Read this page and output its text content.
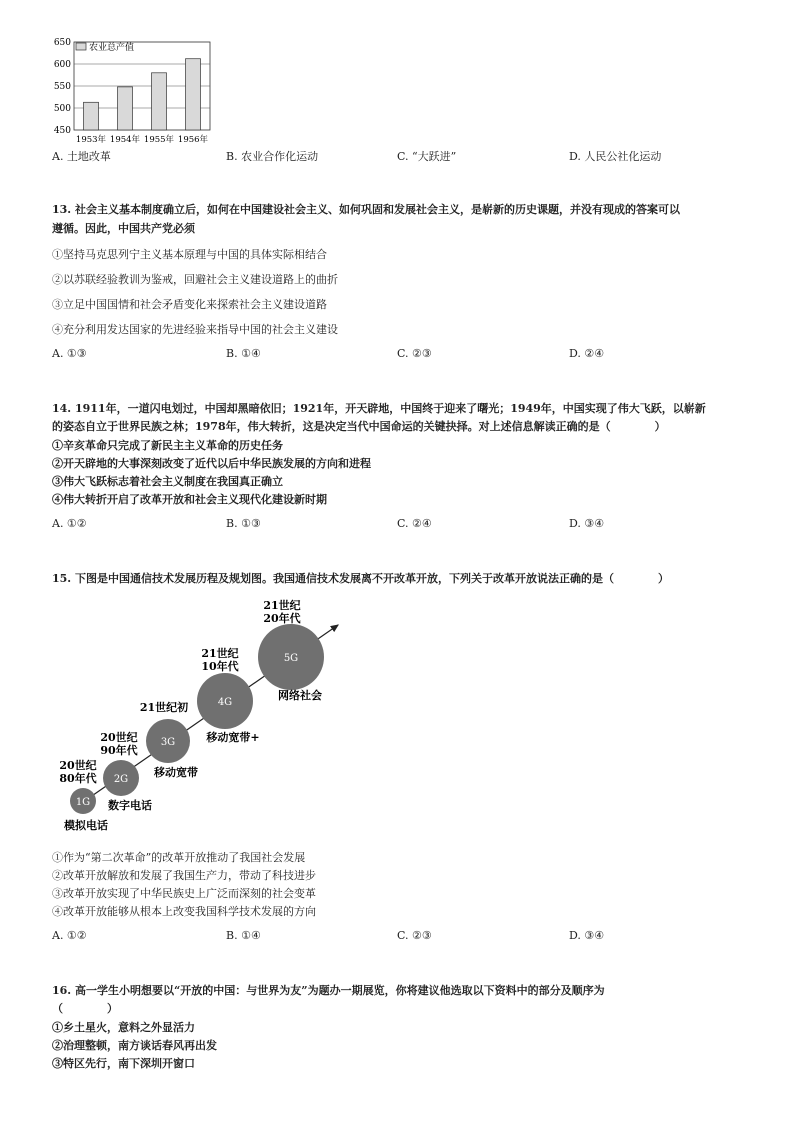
450
500
550
600
650
1953年 1954年 1955年 1956年
农业总产值
A. 土地改革	B. 农业合作化运动	C. “大跃进”	D. 人民公社化运动
13. 社会主义基本制度确立后，如何在中国建设社会主义、如何巩固和发展社会主义，是崭新的历史课题，并没有现成的答案可以
遵循。因此，中国共产党必须
①坚持马克思列宁主义基本原理与中国的具体实际相结合
②以苏联经验教训为鉴戒，回避社会主义建设道路上的曲折
③立足中国国情和社会矛盾变化来探索社会主义建设道路
④充分利用发达国家的先进经验来指导中国的社会主义建设
A. ①③	B. ①④	C. ②③	D. ②④
14. 1911年，一道闪电划过，中国却黑暗依旧；1921年，开天辟地，中国终于迎来了曙光；1949年，中国实现了伟大飞跃，以崭新
的姿态自立于世界民族之林；1978年，伟大转折，这是决定当代中国命运的关键抉择。对上述信息解读正确的是（　　　　）
①辛亥革命只完成了新民主主义革命的历史任务
②开天辟地的大事深刻改变了近代以后中华民族发展的方向和进程
③伟大飞跃标志着社会主义制度在我国真正确立
④伟大转折开启了改革开放和社会主义现代化建设新时期
A. ①②	B. ①③	C. ②④	D. ③④
15. 下图是中国通信技术发展历程及规划图。我国通信技术发展离不开改革开放，下列关于改革开放说法正确的是（　　　　）
1G
模拟电话
2G
20世纪
80年代
数字电话
3G
20世纪
90年代
移动宽带
4G
21世纪初
移动宽带+
5G
21世纪
10年代
网络社会
21世纪
20年代
①作为“第二次革命”的改革开放推动了我国社会发展
②改革开放解放和发展了我国生产力，带动了科技进步
③改革开放实现了中华民族史上广泛而深刻的社会变革
④改革开放能够从根本上改变我国科学技术发展的方向
A. ①②	B. ①④	C. ②③	D. ③④
16. 高一学生小明想要以“开放的中国：与世界为友”为题办一期展览，你将建议他选取以下资料中的部分及顺序为
（　　　　）
①乡土星火，意料之外显活力
②治理整顿，南方谈话春风再出发
③特区先行，南下深圳开窗口
